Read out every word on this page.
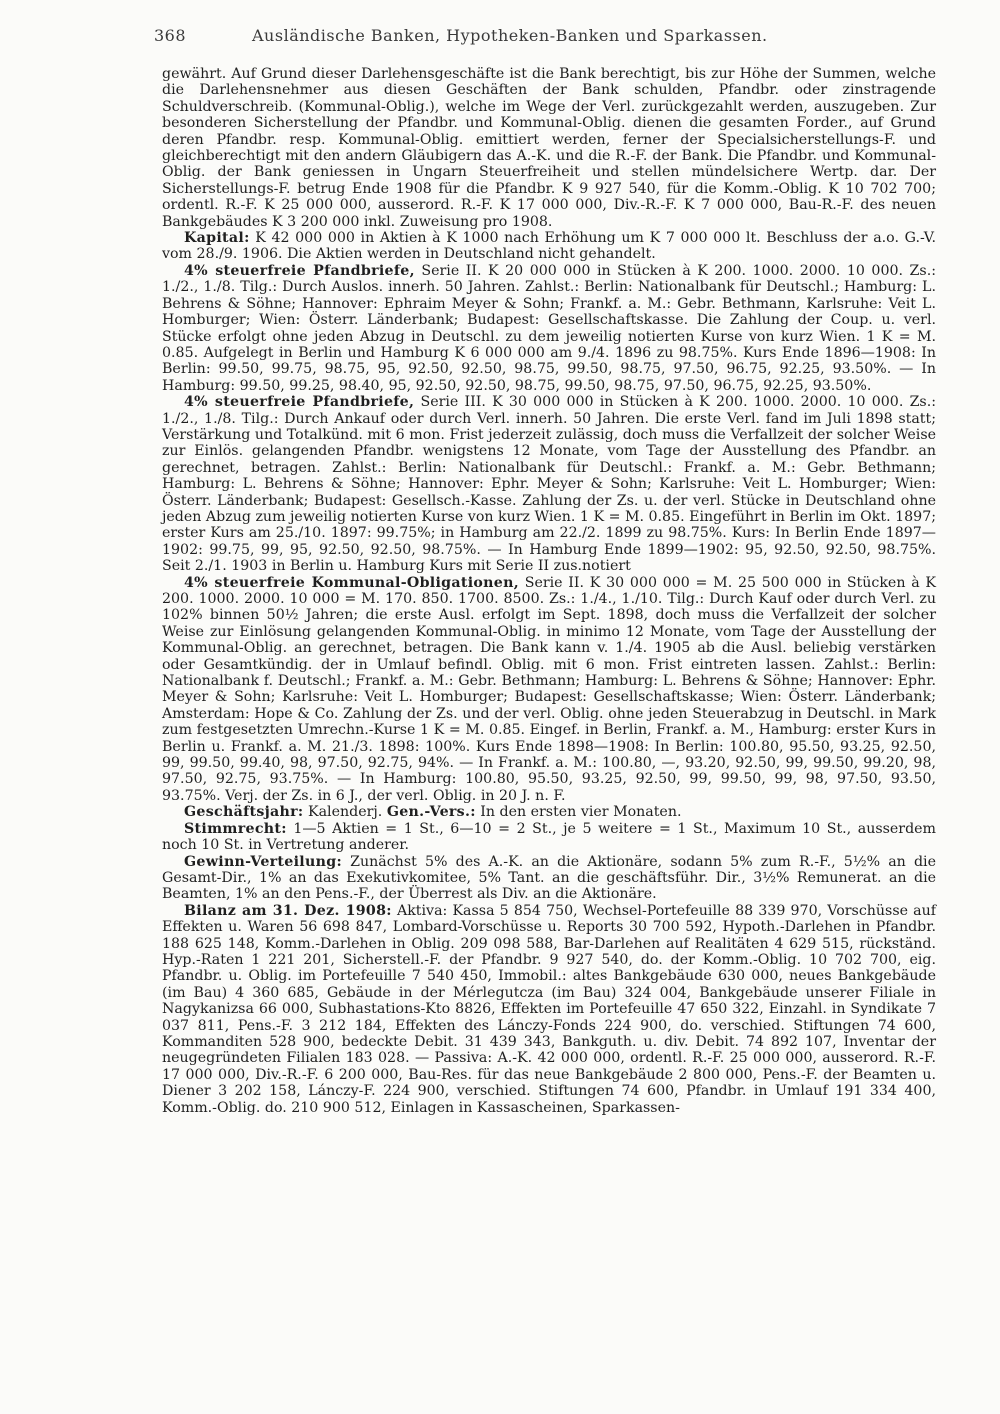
368	Ausländische Banken, Hypotheken-Banken und Sparkassen.

gewährt. Auf Grund dieser Darlehensgeschäfte ist die Bank berechtigt, bis zur Höhe der Summen, welche die Darlehensnehmer aus diesen Geschäften der Bank schulden, Pfandbr. oder zinstragende Schuldverschreib. (Kommunal-Oblig.), welche im Wege der Verl. zurückgezahlt werden, auszugeben. Zur besonderen Sicherstellung der Pfandbr. und Kommunal-Oblig. dienen die gesamten Forder., auf Grund deren Pfandbr. resp. Kommunal-Oblig. emittiert werden, ferner der Specialsicherstellungs-F. und gleichberechtigt mit den andern Gläubigern das A.-K. und die R.-F. der Bank. Die Pfandbr. und Kommunal-Oblig. der Bank geniessen in Ungarn Steuerfreiheit und stellen mündelsichere Wertp. dar. Der Sicherstellungs-F. betrug Ende 1908 für die Pfandbr. K 9 927 540, für die Komm.-Oblig. K 10 702 700; ordentl. R.-F. K 25 000 000, ausserord. R.-F. K 17 000 000, Div.-R.-F. K 7 000 000, Bau-R.-F. des neuen Bankgebäudes K 3 200 000 inkl. Zuweisung pro 1908.

Kapital: K 42 000 000 in Aktien à K 1000 nach Erhöhung um K 7 000 000 lt. Beschluss der a.o. G.-V. vom 28./9. 1906. Die Aktien werden in Deutschland nicht gehandelt.

4% steuerfreie Pfandbriefe, Serie II. K 20 000 000 in Stücken à K 200. 1000. 2000. 10 000. Zs.: 1./2., 1./8. Tilg.: Durch Auslos. innerh. 50 Jahren. Zahlst.: Berlin: Nationalbank für Deutschl.; Hamburg: L. Behrens & Söhne; Hannover: Ephraim Meyer & Sohn; Frankf. a. M.: Gebr. Bethmann, Karlsruhe: Veit L. Homburger; Wien: Österr. Länderbank; Budapest: Gesellschaftskasse. Die Zahlung der Coup. u. verl. Stücke erfolgt ohne jeden Abzug in Deutschl. zu dem jeweilig notierten Kurse von kurz Wien. 1 K = M. 0.85. Aufgelegt in Berlin und Hamburg K 6 000 000 am 9./4. 1896 zu 98.75%. Kurs Ende 1896—1908: In Berlin: 99.50, 99.75, 98.75, 95, 92.50, 92.50, 98.75, 99.50, 98.75, 97.50, 96.75, 92.25, 93.50%. — In Hamburg: 99.50, 99.25, 98.40, 95, 92.50, 92.50, 98.75, 99.50, 98.75, 97.50, 96.75, 92.25, 93.50%.

4% steuerfreie Pfandbriefe, Serie III. K 30 000 000 in Stücken à K 200. 1000. 2000. 10 000. Zs.: 1./2., 1./8. Tilg.: Durch Ankauf oder durch Verl. innerh. 50 Jahren. Die erste Verl. fand im Juli 1898 statt; Verstärkung und Totalkünd. mit 6 mon. Frist jederzeit zulässig, doch muss die Verfallzeit der solcher Weise zur Einlös. gelangenden Pfandbr. wenigstens 12 Monate, vom Tage der Ausstellung des Pfandbr. an gerechnet, betragen. Zahlst.: Berlin: Nationalbank für Deutschl.: Frankf. a. M.: Gebr. Bethmann; Hamburg: L. Behrens & Söhne; Hannover: Ephr. Meyer & Sohn; Karlsruhe: Veit L. Homburger; Wien: Österr. Länderbank; Budapest: Gesellsch.-Kasse. Zahlung der Zs. u. der verl. Stücke in Deutschland ohne jeden Abzug zum jeweilig notierten Kurse von kurz Wien. 1 K = M. 0.85. Eingeführt in Berlin im Okt. 1897; erster Kurs am 25./10. 1897: 99.75%; in Hamburg am 22./2. 1899 zu 98.75%. Kurs: In Berlin Ende 1897—1902: 99.75, 99, 95, 92.50, 92.50, 98.75%. — In Hamburg Ende 1899—1902: 95, 92.50, 92.50, 98.75%. Seit 2./1. 1903 in Berlin u. Hamburg Kurs mit Serie II zus.notiert

4% steuerfreie Kommunal-Obligationen, Serie II. K 30 000 000 = M. 25 500 000 in Stücken à K 200. 1000. 2000. 10 000 = M. 170. 850. 1700. 8500. Zs.: 1./4., 1./10. Tilg.: Durch Kauf oder durch Verl. zu 102% binnen 50½ Jahren; die erste Ausl. erfolgt im Sept. 1898, doch muss die Verfallzeit der solcher Weise zur Einlösung gelangenden Kommunal-Oblig. in minimo 12 Monate, vom Tage der Ausstellung der Kommunal-Oblig. an gerechnet, betragen. Die Bank kann v. 1./4. 1905 ab die Ausl. beliebig verstärken oder Gesamtkündig. der in Umlauf befindl. Oblig. mit 6 mon. Frist eintreten lassen. Zahlst.: Berlin: Nationalbank f. Deutschl.; Frankf. a. M.: Gebr. Bethmann; Hamburg: L. Behrens & Söhne; Hannover: Ephr. Meyer & Sohn; Karlsruhe: Veit L. Homburger; Budapest: Gesellschaftskasse; Wien: Österr. Länderbank; Amsterdam: Hope & Co. Zahlung der Zs. und der verl. Oblig. ohne jeden Steuerabzug in Deutschl. in Mark zum festgesetzten Umrechn.-Kurse 1 K = M. 0.85. Eingef. in Berlin, Frankf. a. M., Hamburg: erster Kurs in Berlin u. Frankf. a. M. 21./3. 1898: 100%. Kurs Ende 1898—1908: In Berlin: 100.80, 95.50, 93.25, 92.50, 99, 99.50, 99.40, 98, 97.50, 92.75, 94%. — In Frankf. a. M.: 100.80, —, 93.20, 92.50, 99, 99.50, 99.20, 98, 97.50, 92.75, 93.75%. — In Hamburg: 100.80, 95.50, 93.25, 92.50, 99, 99.50, 99, 98, 97.50, 93.50, 93.75%. Verj. der Zs. in 6 J., der verl. Oblig. in 20 J. n. F.

Geschäftsjahr: Kalenderj. Gen.-Vers.: In den ersten vier Monaten.

Stimmrecht: 1—5 Aktien = 1 St., 6—10 = 2 St., je 5 weitere = 1 St., Maximum 10 St., ausserdem noch 10 St. in Vertretung anderer.

Gewinn-Verteilung: Zunächst 5% des A.-K. an die Aktionäre, sodann 5% zum R.-F., 5½% an die Gesamt-Dir., 1% an das Exekutivkomitee, 5% Tant. an die geschäftsführ. Dir., 3½% Remunerat. an die Beamten, 1% an den Pens.-F., der Überrest als Div. an die Aktionäre.

Bilanz am 31. Dez. 1908: Aktiva: Kassa 5 854 750, Wechsel-Portefeuille 88 339 970, Vorschüsse auf Effekten u. Waren 56 698 847, Lombard-Vorschüsse u. Reports 30 700 592, Hypoth.-Darlehen in Pfandbr. 188 625 148, Komm.-Darlehen in Oblig. 209 098 588, Bar-Darlehen auf Realitäten 4 629 515, rückständ. Hyp.-Raten 1 221 201, Sicherstell.-F. der Pfandbr. 9 927 540, do. der Komm.-Oblig. 10 702 700, eig. Pfandbr. u. Oblig. im Portefeuille 7 540 450, Immobil.: altes Bankgebäude 630 000, neues Bankgebäude (im Bau) 4 360 685, Gebäude in der Mérlegutcza (im Bau) 324 004, Bankgebäude unserer Filiale in Nagykanizsa 66 000, Subhastations-Kto 8826, Effekten im Portefeuille 47 650 322, Einzahl. in Syndikate 7 037 811, Pens.-F. 3 212 184, Effekten des Lánczy-Fonds 224 900, do. verschied. Stiftungen 74 600, Kommanditen 528 900, bedeckte Debit. 31 439 343, Bankguth. u. div. Debit. 74 892 107, Inventar der neugegründeten Filialen 183 028. — Passiva: A.-K. 42 000 000, ordentl. R.-F. 25 000 000, ausserord. R.-F. 17 000 000, Div.-R.-F. 6 200 000, Bau-Res. für das neue Bankgebäude 2 800 000, Pens.-F. der Beamten u. Diener 3 202 158, Lánczy-F. 224 900, verschied. Stiftungen 74 600, Pfandbr. in Umlauf 191 334 400, Komm.-Oblig. do. 210 900 512, Einlagen in Kassascheinen, Sparkassen-
